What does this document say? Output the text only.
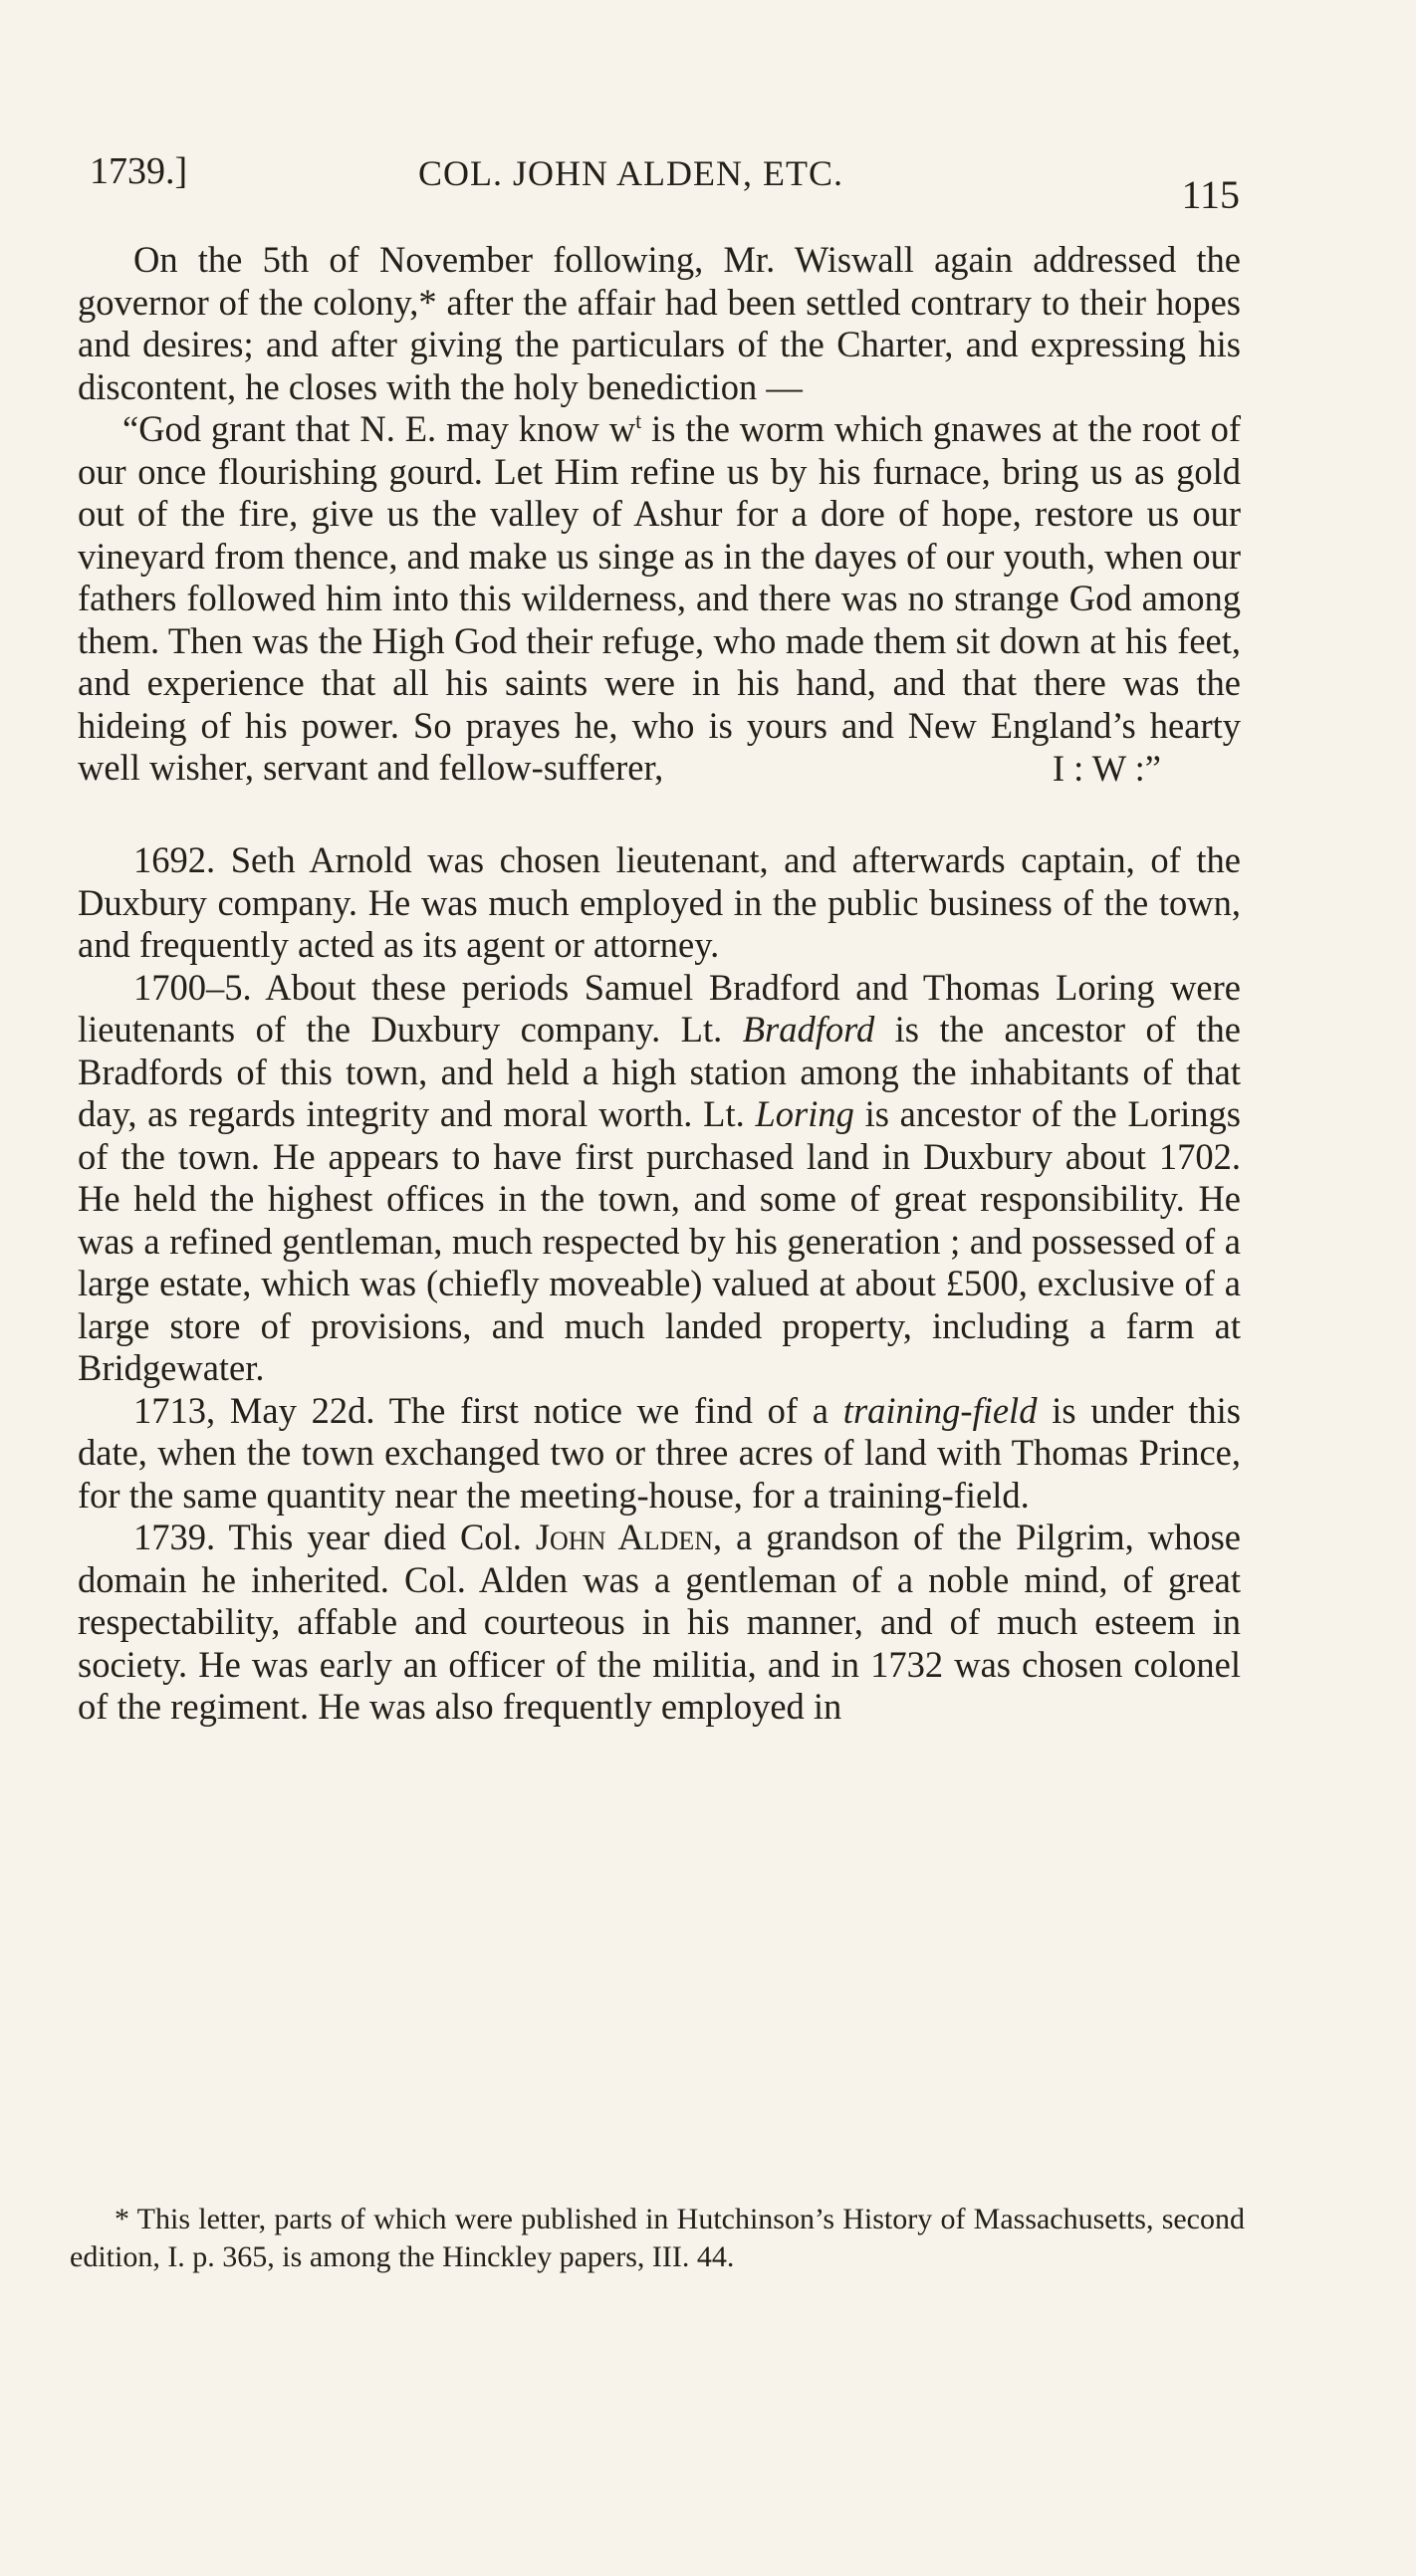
1739.]	COL. JOHN ALDEN, ETC.	115

On the 5th of November following, Mr. Wiswall again addressed the governor of the colony,* after the affair had been settled contrary to their hopes and desires; and after giving the particulars of the Charter, and expressing his discontent, he closes with the holy benediction —

“God grant that N. E. may know $w^t$ is the worm which gnawes at the root of our once flourishing gourd. Let Him refine us by his furnace, bring us as gold out of the fire, give us the valley of Ashur for a dore of hope, restore us our vineyard from thence, and make us singe as in the dayes of our youth, when our fathers followed him into this wilderness, and there was no strange God among them. Then was the High God their refuge, who made them sit down at his feet, and experience that all his saints were in his hand, and that there was the hideing of his power. So prayes he, who is yours and New England’s hearty well wisher, servant and fellow-sufferer,	I : W :”

1692. Seth Arnold was chosen lieutenant, and afterwards captain, of the Duxbury company. He was much employed in the public business of the town, and frequently acted as its agent or attorney.

1700–5. About these periods Samuel Bradford and Thomas Loring were lieutenants of the Duxbury company. Lt. Bradford is the ancestor of the Bradfords of this town, and held a high station among the inhabitants of that day, as regards integrity and moral worth. Lt. Loring is ancestor of the Lorings of the town. He appears to have first purchased land in Duxbury about 1702. He held the highest offices in the town, and some of great responsibility. He was a refined gentleman, much respected by his generation ; and possessed of a large estate, which was (chiefly moveable) valued at about £500, exclusive of a large store of provisions, and much landed property, including a farm at Bridgewater.

1713, May 22d. The first notice we find of a training-field is under this date, when the town exchanged two or three acres of land with Thomas Prince, for the same quantity near the meeting-house, for a training-field.

1739. This year died Col. John Alden, a grandson of the Pilgrim, whose domain he inherited. Col. Alden was a gentleman of a noble mind, of great respectability, affable and courteous in his manner, and of much esteem in society. He was early an officer of the militia, and in 1732 was chosen colonel of the regiment. He was also frequently employed in

* This letter, parts of which were published in Hutchinson’s History of Massachusetts, second edition, I. p. 365, is among the Hinckley papers, III. 44.
